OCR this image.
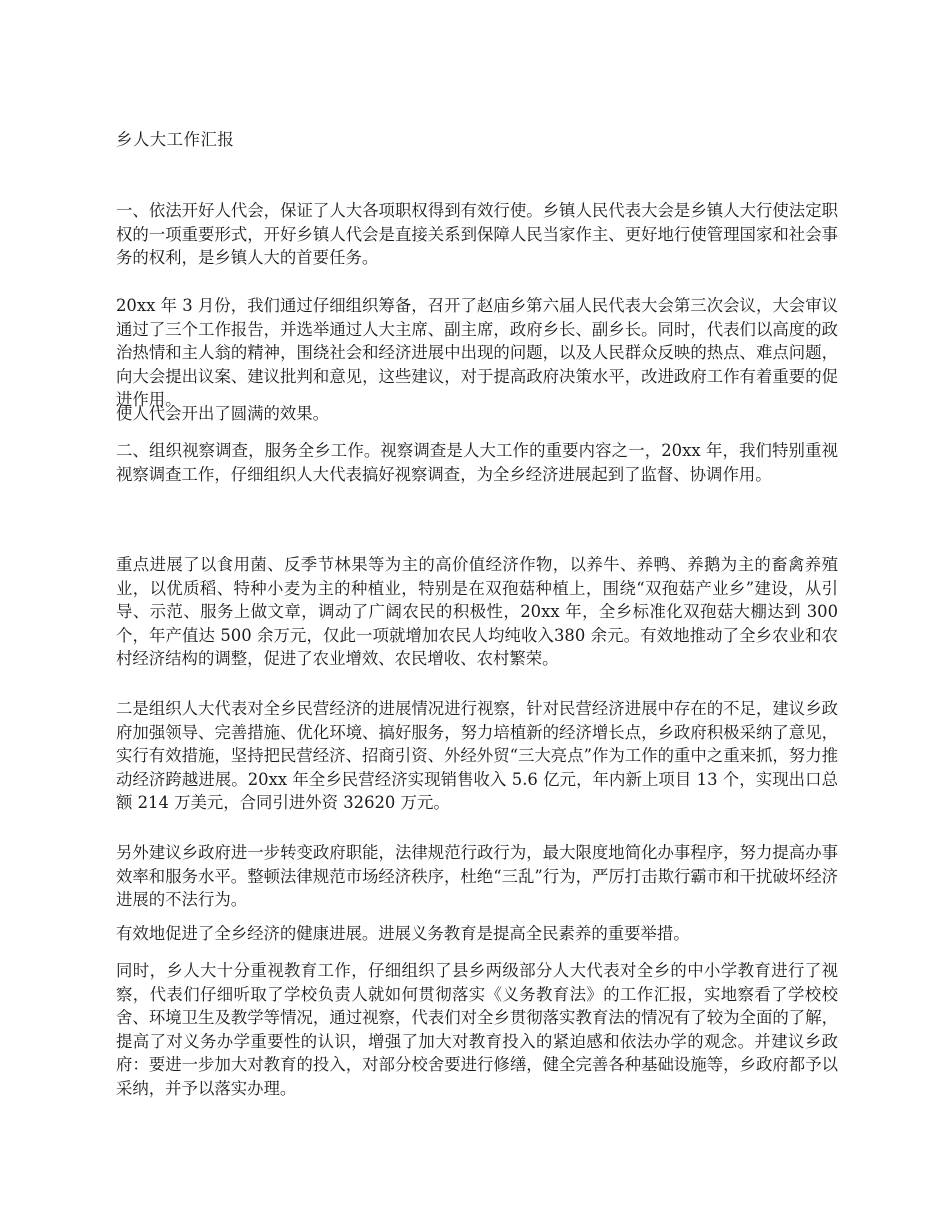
乡人大工作汇报

一、依法开好人代会，保证了人大各项职权得到有效行使。乡镇人民代表大会是乡镇人大行使法定职权的一项重要形式，开好乡镇人代会是直接关系到保障人民当家作主、更好地行使管理国家和社会事务的权利，是乡镇人大的首要任务。

20xx 年 3 月份，我们通过仔细组织筹备，召开了赵庙乡第六届人民代表大会第三次会议，大会审议通过了三个工作报告，并选举通过人大主席、副主席，政府乡长、副乡长。同时，代表们以高度的政治热情和主人翁的精神，围绕社会和经济进展中出现的问题，以及人民群众反映的热点、难点问题，向大会提出议案、建议批判和意见，这些建议，对于提高政府决策水平，改进政府工作有着重要的促进作用。

使人代会开出了圆满的效果。

二、组织视察调查，服务全乡工作。视察调查是人大工作的重要内容之一，20xx 年，我们特别重视视察调查工作，仔细组织人大代表搞好视察调查，为全乡经济进展起到了监督、协调作用。

重点进展了以食用菌、反季节林果等为主的高价值经济作物，以养牛、养鸭、养鹅为主的畜禽养殖业，以优质稻、特种小麦为主的种植业，特别是在双孢菇种植上，围绕“双孢菇产业乡”建设，从引导、示范、服务上做文章，调动了广阔农民的积极性，20xx 年，全乡标准化双孢菇大棚达到 300 个，年产值达 500 余万元，仅此一项就增加农民人均纯收入380 余元。有效地推动了全乡农业和农村经济结构的调整，促进了农业增效、农民增收、农村繁荣。

二是组织人大代表对全乡民营经济的进展情况进行视察，针对民营经济进展中存在的不足，建议乡政府加强领导、完善措施、优化环境、搞好服务，努力培植新的经济增长点，乡政府积极采纳了意见，实行有效措施，坚持把民营经济、招商引资、外经外贸“三大亮点”作为工作的重中之重来抓，努力推动经济跨越进展。20xx 年全乡民营经济实现销售收入 5.6 亿元，年内新上项目 13 个，实现出口总额 214 万美元，合同引进外资 32620 万元。

另外建议乡政府进一步转变政府职能，法律规范行政行为，最大限度地简化办事程序，努力提高办事效率和服务水平。整顿法律规范市场经济秩序，杜绝“三乱”行为，严厉打击欺行霸市和干扰破坏经济进展的不法行为。

有效地促进了全乡经济的健康进展。进展义务教育是提高全民素养的重要举措。

同时，乡人大十分重视教育工作，仔细组织了县乡两级部分人大代表对全乡的中小学教育进行了视察，代表们仔细听取了学校负责人就如何贯彻落实《义务教育法》的工作汇报，实地察看了学校校舍、环境卫生及教学等情况，通过视察，代表们对全乡贯彻落实教育法的情况有了较为全面的了解，提高了对义务办学重要性的认识，增强了加大对教育投入的紧迫感和依法办学的观念。并建议乡政府：要进一步加大对教育的投入，对部分校舍要进行修缮，健全完善各种基础设施等，乡政府都予以采纳，并予以落实办理。
